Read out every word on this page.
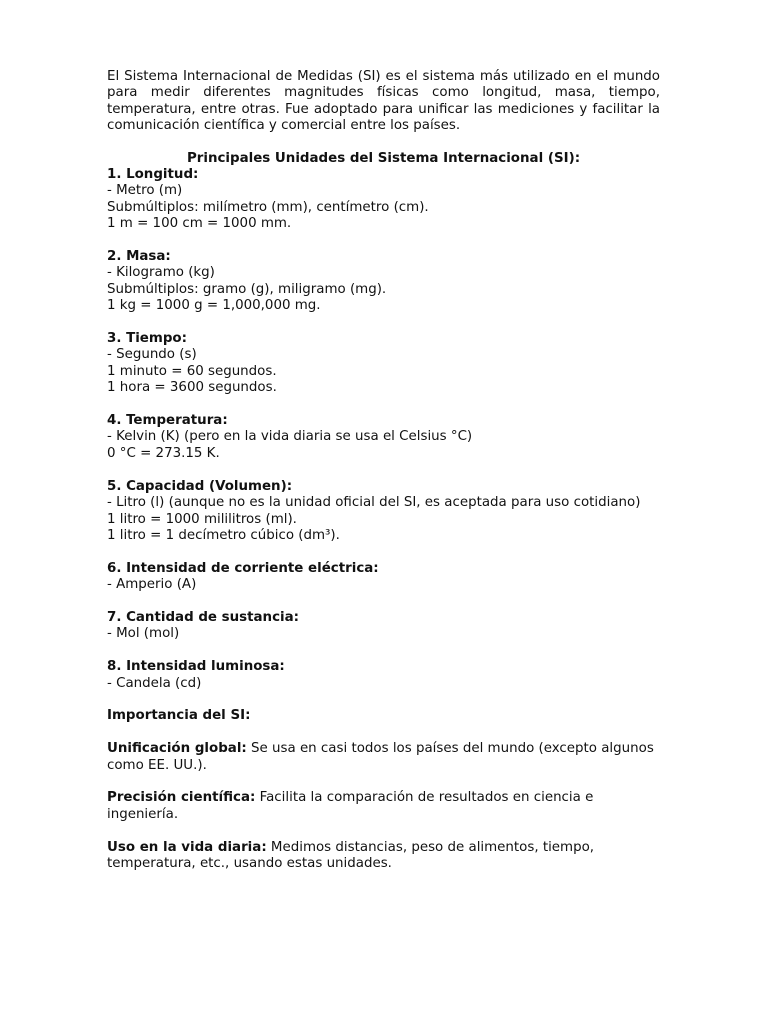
El Sistema Internacional de Medidas (SI) es el sistema más utilizado en el mundo para medir diferentes magnitudes físicas como longitud, masa, tiempo, temperatura, entre otras. Fue adoptado para unificar las mediciones y facilitar la comunicación científica y comercial entre los países.

Principales Unidades del Sistema Internacional (SI):
1. Longitud:
- Metro (m)
Submúltiplos: milímetro (mm), centímetro (cm).
1 m = 100 cm = 1000 mm.
2. Masa:
- Kilogramo (kg)
Submúltiplos: gramo (g), miligramo (mg).
1 kg = 1000 g = 1,000,000 mg.
3. Tiempo:
- Segundo (s)
1 minuto = 60 segundos.
1 hora = 3600 segundos.
4. Temperatura:
- Kelvin (K) (pero en la vida diaria se usa el Celsius °C)
0 °C = 273.15 K.
5. Capacidad (Volumen):
- Litro (l) (aunque no es la unidad oficial del SI, es aceptada para uso cotidiano)
1 litro = 1000 mililitros (ml).
1 litro = 1 decímetro cúbico (dm³).
6. Intensidad de corriente eléctrica:
- Amperio (A)
7. Cantidad de sustancia:
- Mol (mol)
8. Intensidad luminosa:
- Candela (cd)
Importancia del SI:
Unificación global: Se usa en casi todos los países del mundo (excepto algunos como EE. UU.).
Precisión científica: Facilita la comparación de resultados en ciencia e ingeniería.
Uso en la vida diaria: Medimos distancias, peso de alimentos, tiempo, temperatura, etc., usando estas unidades.
